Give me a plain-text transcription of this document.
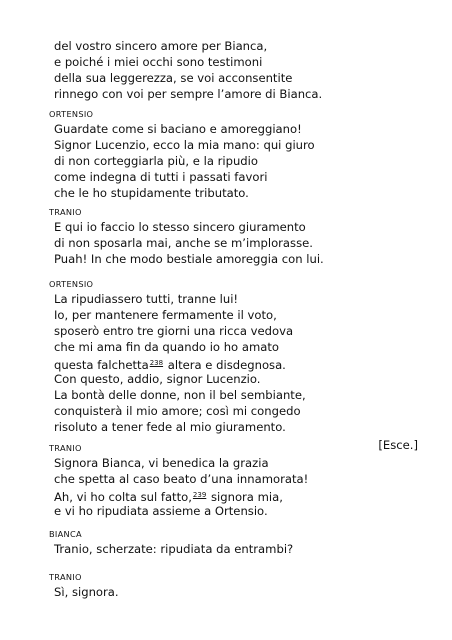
del vostro sincero amore per Bianca,
e poiché i miei occhi sono testimoni
della sua leggerezza, se voi acconsentite
rinnego con voi per sempre l’amore di Bianca.
ORTENSIO
Guardate come si baciano e amoreggiano!
Signor Lucenzio, ecco la mia mano: qui giuro
di non corteggiarla più, e la ripudio
come indegna di tutti i passati favori
che le ho stupidamente tributato.
TRANIO
E qui io faccio lo stesso sincero giuramento
di non sposarla mai, anche se m’implorasse.
Puah! In che modo bestiale amoreggia con lui.
ORTENSIO
La ripudiassero tutti, tranne lui!
Io, per mantenere fermamente il voto,
sposerò entro tre giorni una ricca vedova
che mi ama fin da quando io ho amato
questa falchetta$^{238}$ altera e disdegnosa.
Con questo, addio, signor Lucenzio.
La bontà delle donne, non il bel sembiante,
conquisterà il mio amore; così mi congedo
risoluto a tener fede al mio giuramento.
[Esce.]
TRANIO
Signora Bianca, vi benedica la grazia
che spetta al caso beato d’una innamorata!
Ah, vi ho colta sul fatto,$^{239}$ signora mia,
e vi ho ripudiata assieme a Ortensio.
BIANCA
Tranio, scherzate: ripudiata da entrambi?
TRANIO
Sì, signora.
